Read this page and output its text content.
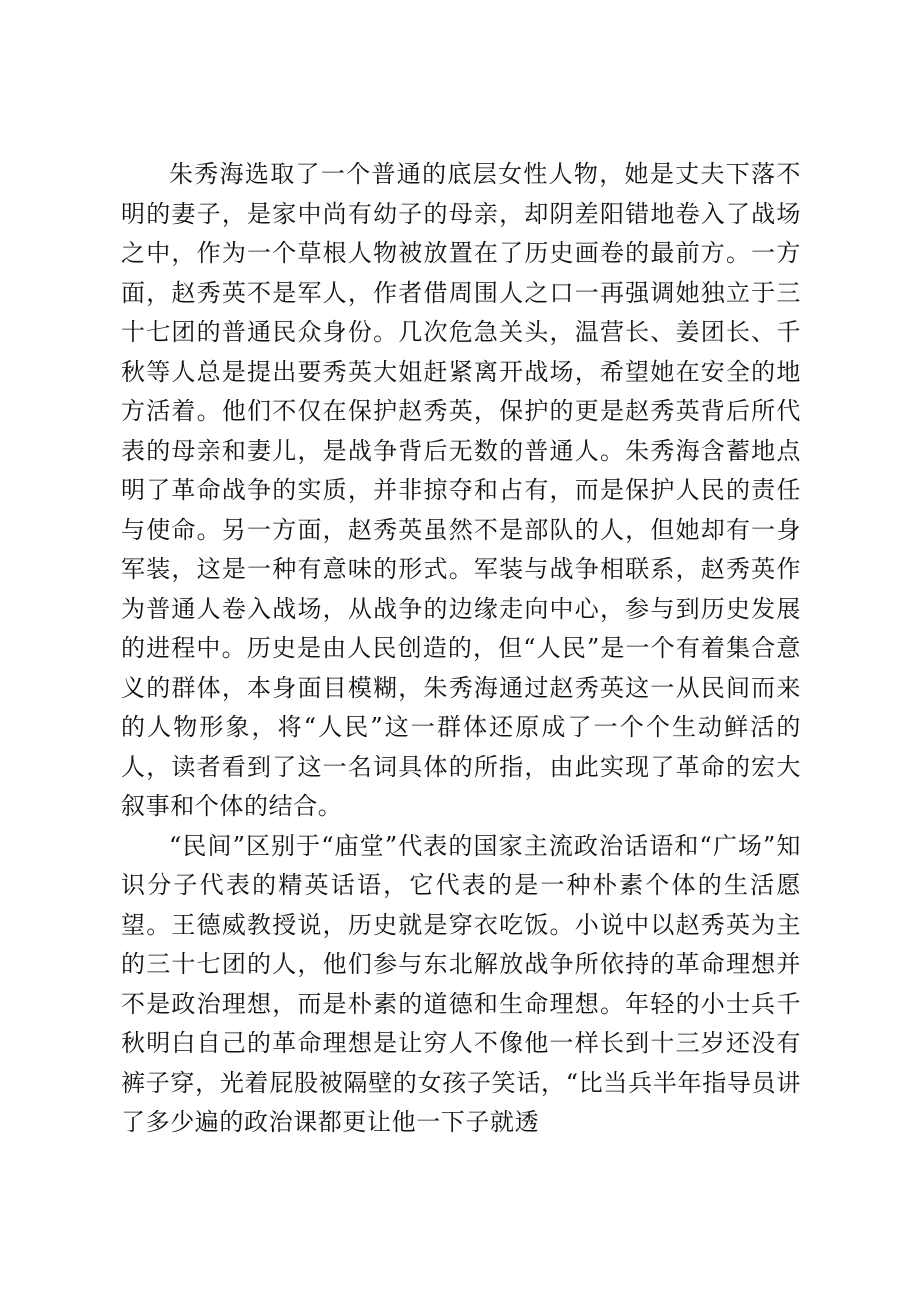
朱秀海选取了一个普通的底层女性人物，她是丈夫下落不明的妻子，是家中尚有幼子的母亲，却阴差阳错地卷入了战场之中，作为一个草根人物被放置在了历史画卷的最前方。一方面，赵秀英不是军人，作者借周围人之口一再强调她独立于三十七团的普通民众身份。几次危急关头，温营长、姜团长、千秋等人总是提出要秀英大姐赶紧离开战场，希望她在安全的地方活着。他们不仅在保护赵秀英，保护的更是赵秀英背后所代表的母亲和妻儿，是战争背后无数的普通人。朱秀海含蓄地点明了革命战争的实质，并非掠夺和占有，而是保护人民的责任与使命。另一方面，赵秀英虽然不是部队的人，但她却有一身军装，这是一种有意味的形式。军装与战争相联系，赵秀英作为普通人卷入战场，从战争的边缘走向中心，参与到历史发展的进程中。历史是由人民创造的，但“人民”是一个有着集合意义的群体，本身面目模糊，朱秀海通过赵秀英这一从民间而来的人物形象，将“人民”这一群体还原成了一个个生动鲜活的人，读者看到了这一名词具体的所指，由此实现了革命的宏大叙事和个体的结合。

“民间”区别于“庙堂”代表的国家主流政治话语和“广场”知识分子代表的精英话语，它代表的是一种朴素个体的生活愿望。王德威教授说，历史就是穿衣吃饭。小说中以赵秀英为主的三十七团的人，他们参与东北解放战争所依持的革命理想并不是政治理想，而是朴素的道德和生命理想。年轻的小士兵千秋明白自己的革命理想是让穷人不像他一样长到十三岁还没有裤子穿，光着屁股被隔壁的女孩子笑话，“比当兵半年指导员讲了多少遍的政治课都更让他一下子就透
